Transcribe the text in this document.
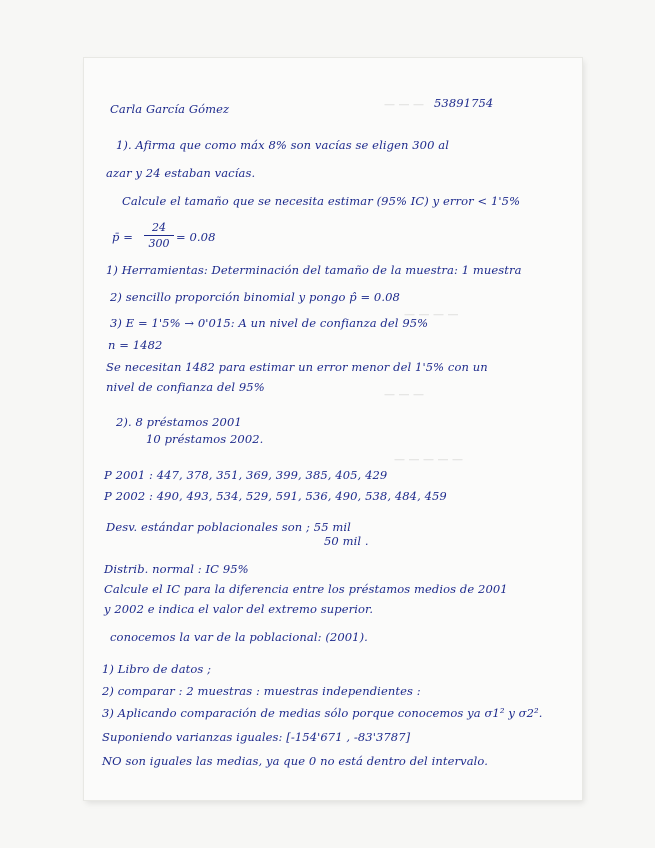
— — —
— — — —
— — —
— — — — —
Carla García Gómez	53891754
1). Afirma que como máx 8% son vacías se eligen 300 al
azar y 24 estaban vacías.
Calcule el tamaño que se necesita estimar (95% IC) y error < 1'5%
p̄ =
24
300 = 0.08
1) Herramientas: Determinación del tamaño de la muestra: 1 muestra
2) sencillo proporción binomial y pongo p̂ = 0.08
3) E = 1'5% → 0'015: A un nivel de confianza del 95%
n = 1482
Se necesitan 1482 para estimar un error menor del 1'5% con un
nivel de confianza del 95%
2). 8 préstamos 2001
10 préstamos 2002.
P 2001 : 447, 378, 351, 369, 399, 385, 405, 429
P 2002 : 490, 493, 534, 529, 591, 536, 490, 538, 484, 459
Desv. estándar poblacionales son ; 55 mil
50 mil .
Distrib. normal : IC 95%
Calcule el IC para la diferencia entre los préstamos medios de 2001
y 2002 e indica el valor del extremo superior.
conocemos la var de la poblacional: (2001).
1) Libro de datos ;
2) comparar : 2 muestras : muestras independientes :
3) Aplicando comparación de medias sólo porque conocemos ya σ1² y σ2².
Suponiendo varianzas iguales: [-154'671 , -83'3787]
NO son iguales las medias, ya que 0 no está dentro del intervalo.
